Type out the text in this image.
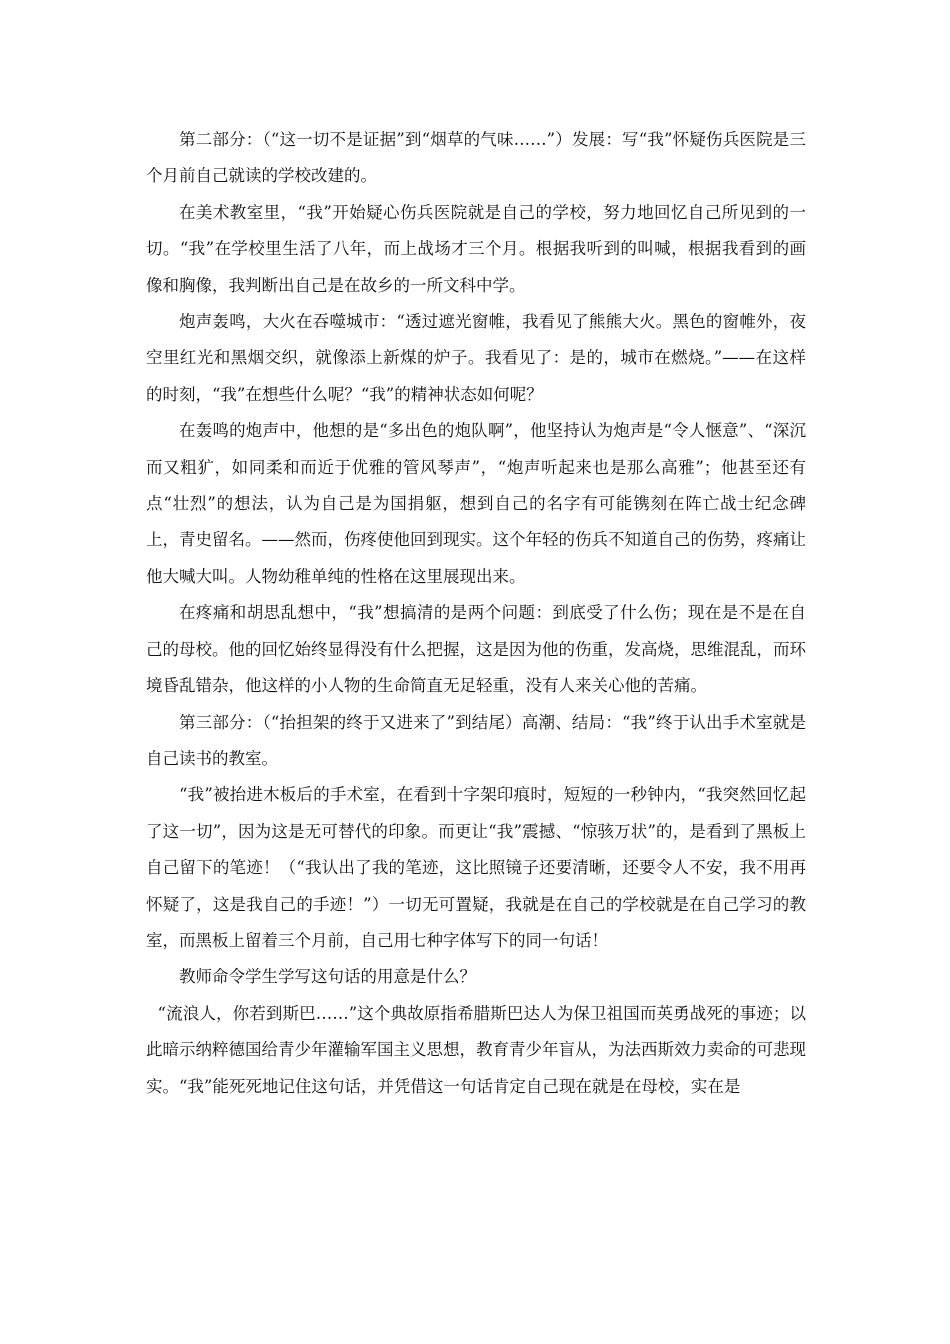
第二部分：（“这一切不是证据”到“烟草的气味……”）发展：写“我”怀疑伤兵医院是三个月前自己就读的学校改建的。

在美术教室里，“我”开始疑心伤兵医院就是自己的学校，努力地回忆自己所见到的一切。“我”在学校里生活了八年，而上战场才三个月。根据我听到的叫喊，根据我看到的画像和胸像，我判断出自己是在故乡的一所文科中学。

炮声轰鸣，大火在吞噬城市：“透过遮光窗帷，我看见了熊熊大火。黑色的窗帷外，夜空里红光和黑烟交织，就像添上新煤的炉子。我看见了：是的，城市在燃烧。”——在这样的时刻，“我”在想些什么呢？“我”的精神状态如何呢？

在轰鸣的炮声中，他想的是“多出色的炮队啊”，他坚持认为炮声是“令人惬意”、“深沉而又粗犷，如同柔和而近于优雅的管风琴声”，“炮声听起来也是那么高雅”；他甚至还有点“壮烈”的想法，认为自己是为国捐躯，想到自己的名字有可能镌刻在阵亡战士纪念碑上，青史留名。——然而，伤疼使他回到现实。这个年轻的伤兵不知道自己的伤势，疼痛让他大喊大叫。人物幼稚单纯的性格在这里展现出来。

在疼痛和胡思乱想中，“我”想搞清的是两个问题：到底受了什么伤；现在是不是在自己的母校。他的回忆始终显得没有什么把握，这是因为他的伤重，发高烧，思维混乱，而环境昏乱错杂，他这样的小人物的生命简直无足轻重，没有人来关心他的苦痛。

第三部分：（“抬担架的终于又进来了”到结尾）高潮、结局：“我”终于认出手术室就是自己读书的教室。

“我”被抬进木板后的手术室，在看到十字架印痕时，短短的一秒钟内，“我突然回忆起了这一切”，因为这是无可替代的印象。而更让“我”震撼、“惊骇万状”的，是看到了黑板上自己留下的笔迹！（“我认出了我的笔迹，这比照镜子还要清晰，还要令人不安，我不用再怀疑了，这是我自己的手迹！”）一切无可置疑，我就是在自己的学校就是在自己学习的教室，而黑板上留着三个月前，自己用七种字体写下的同一句话！

教师命令学生学写这句话的用意是什么？

“流浪人，你若到斯巴……”这个典故原指希腊斯巴达人为保卫祖国而英勇战死的事迹；以此暗示纳粹德国给青少年灌输军国主义思想，教育青少年盲从，为法西斯效力卖命的可悲现实。“我”能死死地记住这句话，并凭借这一句话肯定自己现在就是在母校，实在是
